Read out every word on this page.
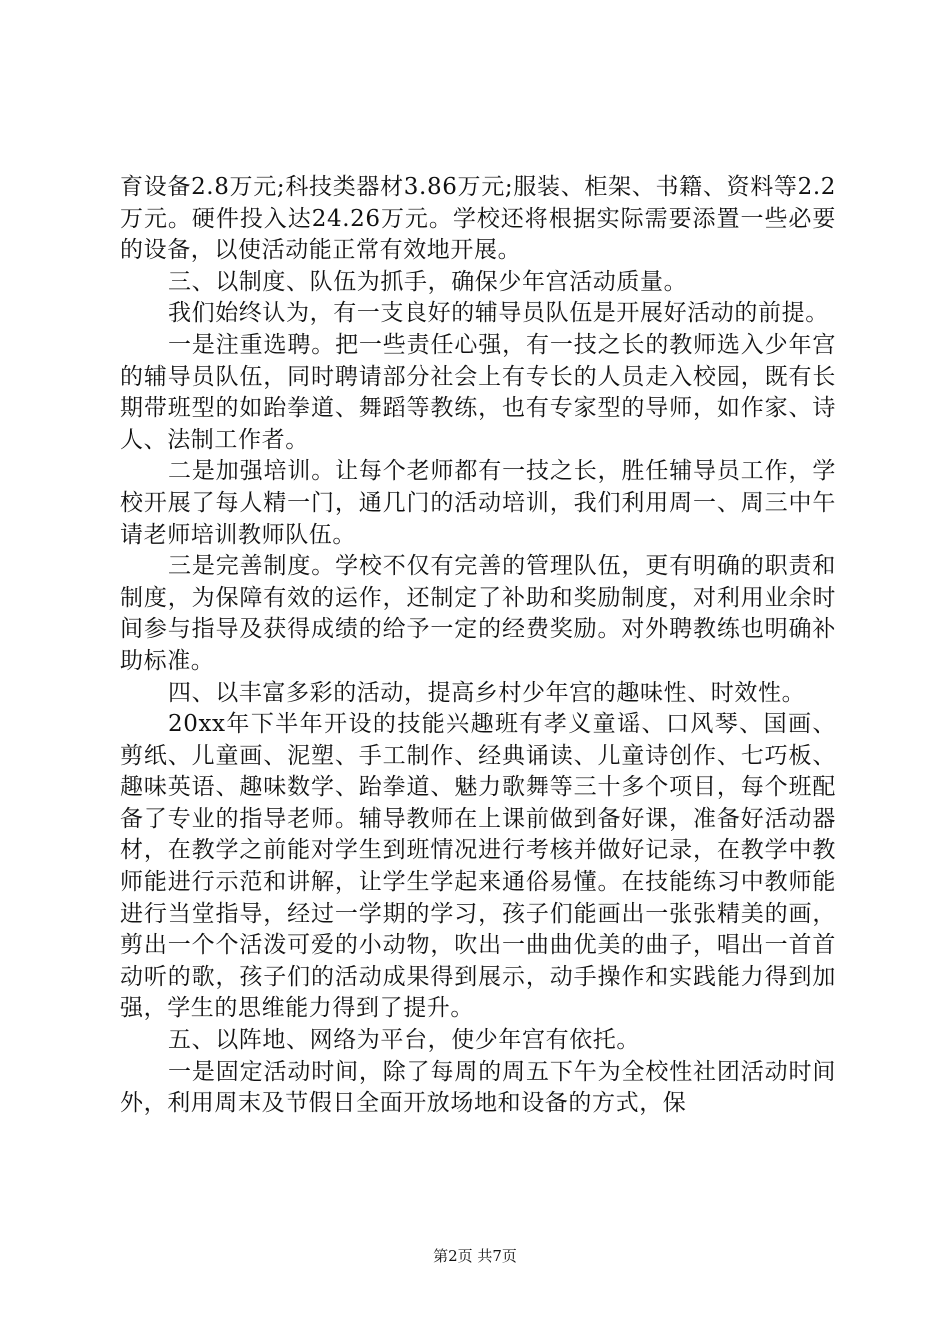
育设备2.8万元;科技类器材3.86万元;服装、柜架、书籍、资料等2.2万元。硬件投入达24.26万元。学校还将根据实际需要添置一些必要的设备，以使活动能正常有效地开展。

三、以制度、队伍为抓手，确保少年宫活动质量。

我们始终认为，有一支良好的辅导员队伍是开展好活动的前提。

一是注重选聘。把一些责任心强，有一技之长的教师选入少年宫的辅导员队伍，同时聘请部分社会上有专长的人员走入校园，既有长期带班型的如跆拳道、舞蹈等教练，也有专家型的导师，如作家、诗人、法制工作者。

二是加强培训。让每个老师都有一技之长，胜任辅导员工作，学校开展了每人精一门，通几门的活动培训，我们利用周一、周三中午请老师培训教师队伍。

三是完善制度。学校不仅有完善的管理队伍，更有明确的职责和制度，为保障有效的运作，还制定了补助和奖励制度，对利用业余时间参与指导及获得成绩的给予一定的经费奖励。对外聘教练也明确补助标准。

四、以丰富多彩的活动，提高乡村少年宫的趣味性、时效性。

20xx年下半年开设的技能兴趣班有孝义童谣、口风琴、国画、剪纸、儿童画、泥塑、手工制作、经典诵读、儿童诗创作、七巧板、趣味英语、趣味数学、跆拳道、魅力歌舞等三十多个项目，每个班配备了专业的指导老师。辅导教师在上课前做到备好课，准备好活动器材，在教学之前能对学生到班情况进行考核并做好记录，在教学中教师能进行示范和讲解，让学生学起来通俗易懂。在技能练习中教师能进行当堂指导，经过一学期的学习，孩子们能画出一张张精美的画，剪出一个个活泼可爱的小动物，吹出一曲曲优美的曲子，唱出一首首动听的歌，孩子们的活动成果得到展示，动手操作和实践能力得到加强，学生的思维能力得到了提升。

五、以阵地、网络为平台，使少年宫有依托。

一是固定活动时间，除了每周的周五下午为全校性社团活动时间外，利用周末及节假日全面开放场地和设备的方式，保

第2页 共7页
